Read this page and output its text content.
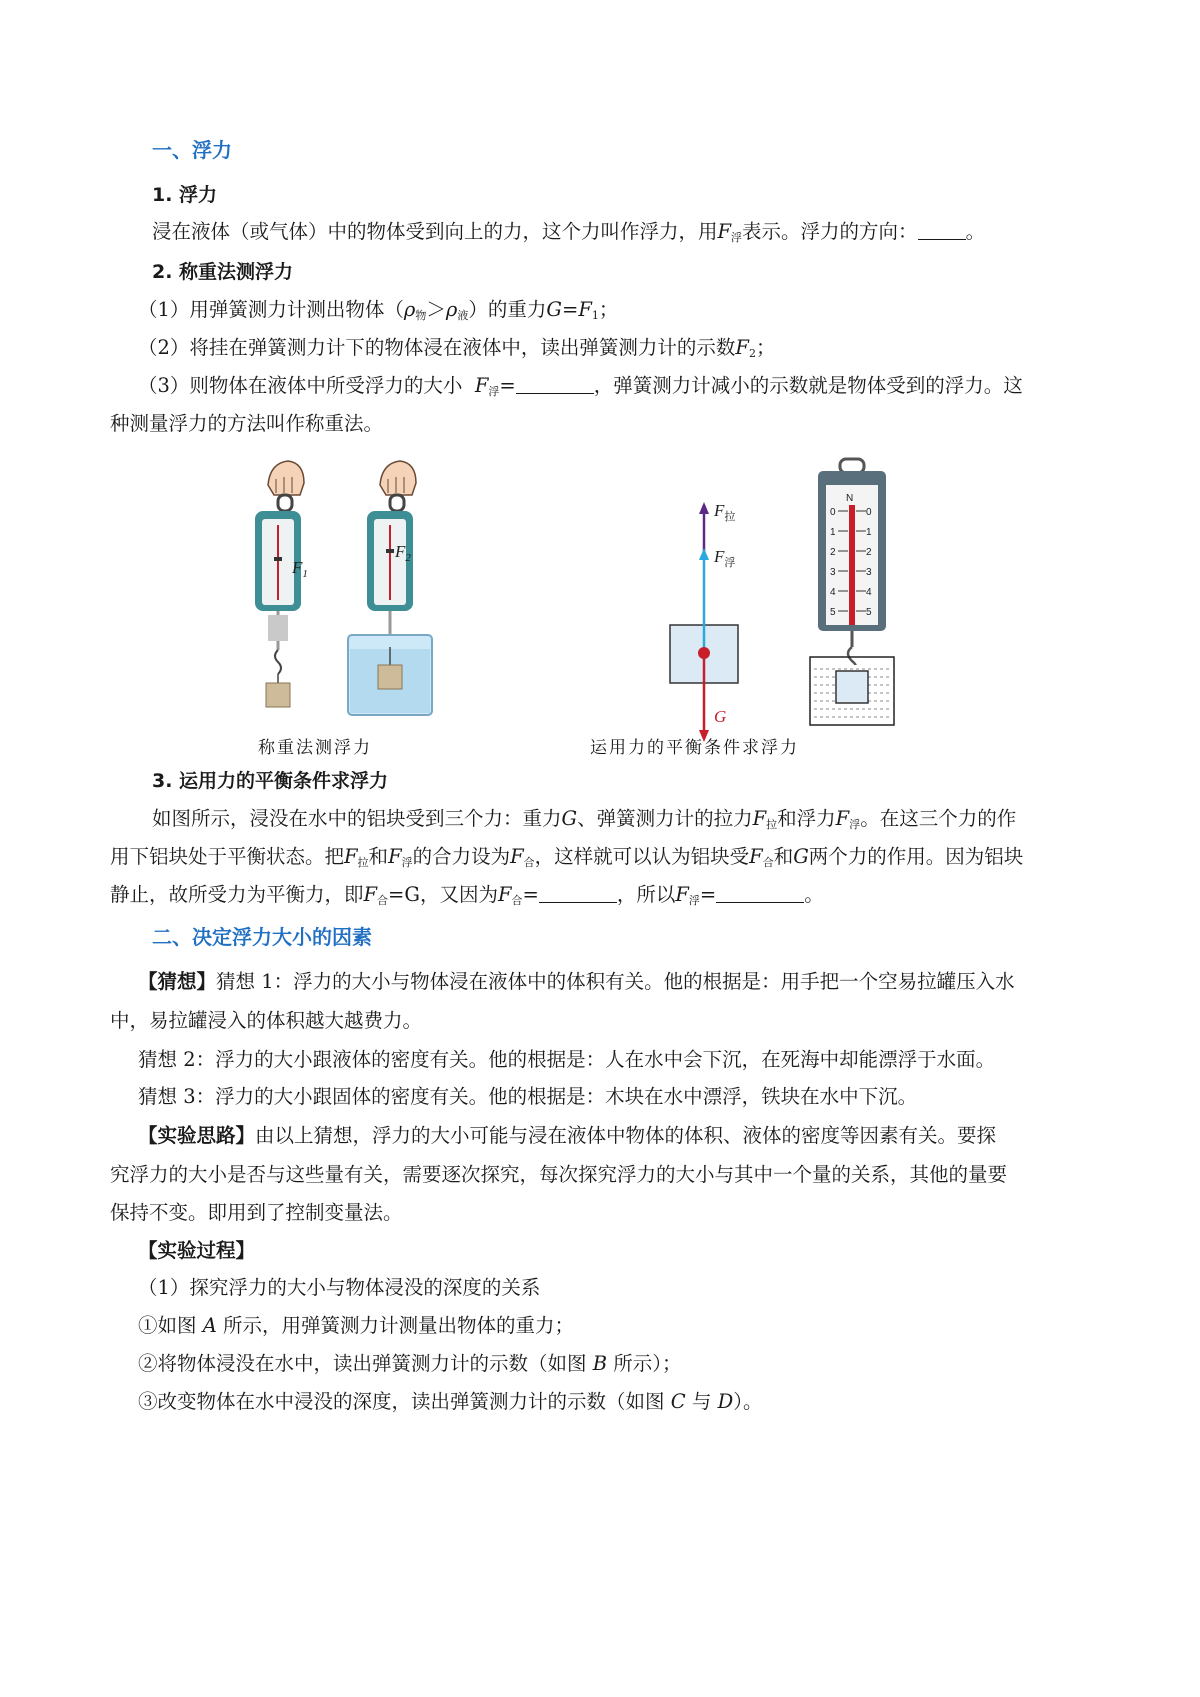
一、浮力
1. 浮力
浸在液体（或气体）中的物体受到向上的力，这个力叫作浮力，用$F_浮$表示。浮力的方向： 。
2. 称重法测浮力
（1）用弹簧测力计测出物体$(\rho_物>\rho_液)$的重力$G=F_1$；
（2）将挂在弹簧测力计下的物体浸在液体中，读出弹簧测力计的示数$F_2$；
（3）则物体在液体中所受浮力的大小 $F_浮=$	，弹簧测力计减小的示数就是物体受到的浮力。这
种测量浮力的方法叫作称重法。
$F_1$
$F_2$
$F_拉$
$F_浮$
G
N
0	0
1	1
2	2
3	3
4	4
5	5
称重法测浮力	运用力的平衡条件求浮力
3. 运用力的平衡条件求浮力
如图所示，浸没在水中的铝块受到三个力：重力G、弹簧测力计的拉力$F_拉$和浮力$F_浮$。在这三个力的作
用下铝块处于平衡状态。把$F_拉$和$F_浮$的合力设为$F_合$，这样就可以认为铝块受$F_合$和G两个力的作用。因为铝块
静止，故所受力为平衡力，即$F_合=G$，又因为$F_合=$	，所以$F_浮=$	。
二、决定浮力大小的因素
【猜想】猜想 1：浮力的大小与物体浸在液体中的体积有关。他的根据是：用手把一个空易拉罐压入水
中，易拉罐浸入的体积越大越费力。
猜想 2：浮力的大小跟液体的密度有关。他的根据是：人在水中会下沉，在死海中却能漂浮于水面。
猜想 3：浮力的大小跟固体的密度有关。他的根据是：木块在水中漂浮，铁块在水中下沉。
【实验思路】由以上猜想，浮力的大小可能与浸在液体中物体的体积、液体的密度等因素有关。要探
究浮力的大小是否与这些量有关，需要逐次探究，每次探究浮力的大小与其中一个量的关系，其他的量要
保持不变。即用到了控制变量法。
【实验过程】
（1）探究浮力的大小与物体浸没的深度的关系
①如图 A 所示，用弹簧测力计测量出物体的重力；
②将物体浸没在水中，读出弹簧测力计的示数（如图 B 所示）；
③改变物体在水中浸没的深度，读出弹簧测力计的示数（如图 C 与 D）。
